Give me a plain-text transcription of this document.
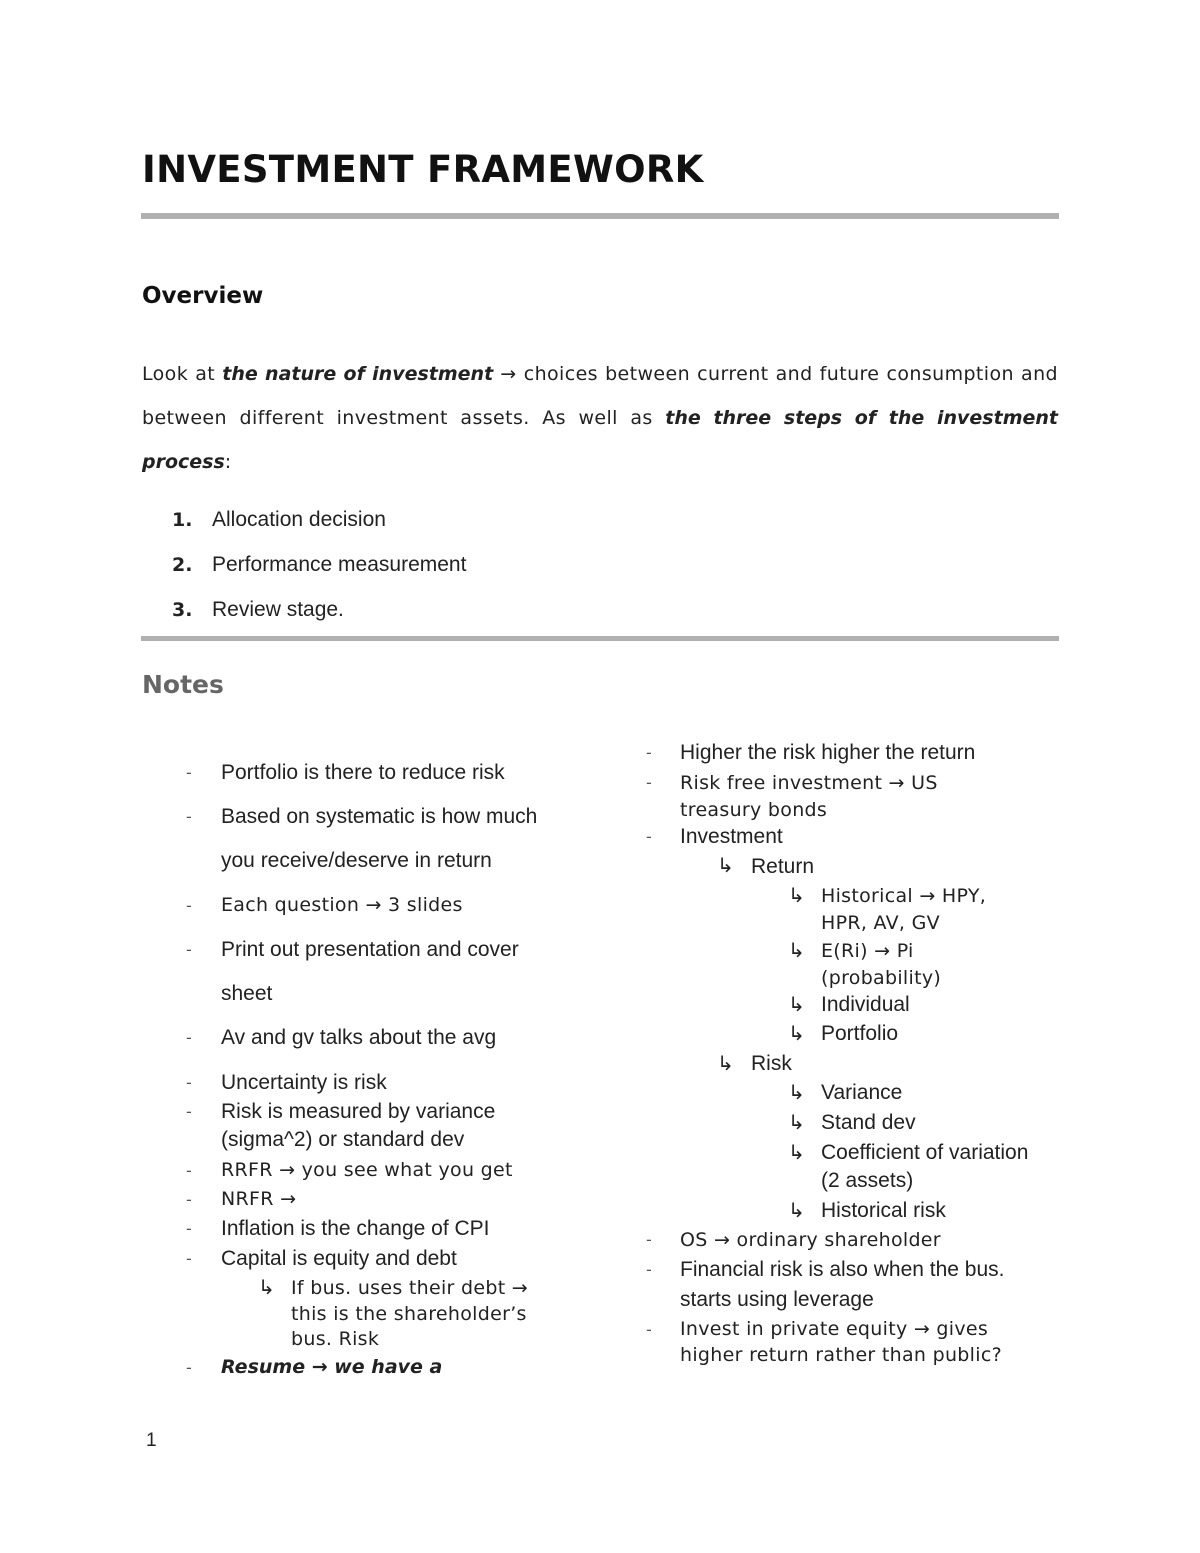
INVESTMENT FRAMEWORK
Overview
Look at the nature of investment → choices between current and future consumption and between different investment assets. As well as the three steps of the investment process:
1. Allocation decision
2. Performance measurement
3. Review stage.
Notes
- Portfolio is there to reduce risk
- Based on systematic is how much
you receive/deserve in return
- Each question → 3 slides
- Print out presentation and cover
sheet
- Av and gv talks about the avg
- Uncertainty is risk
- Risk is measured by variance
(sigma^2) or standard dev
- RRFR → you see what you get
- NRFR →
- Inflation is the change of CPI
- Capital is equity and debt
↳ If bus. uses their debt →
this is the shareholder’s
bus. Risk
- Resume → we have a
- Higher the risk higher the return
- Risk free investment → US
treasury bonds
- Investment
↳ Return
↳ Historical → HPY,
HPR, AV, GV
↳ E(Ri) → Pi
(probability)
↳ Individual
↳ Portfolio
↳ Risk
↳ Variance
↳ Stand dev
↳ Coefficient of variation
(2 assets)
↳ Historical risk
- OS → ordinary shareholder
- Financial risk is also when the bus.
starts using leverage
- Invest in private equity → gives
higher return rather than public?
1
